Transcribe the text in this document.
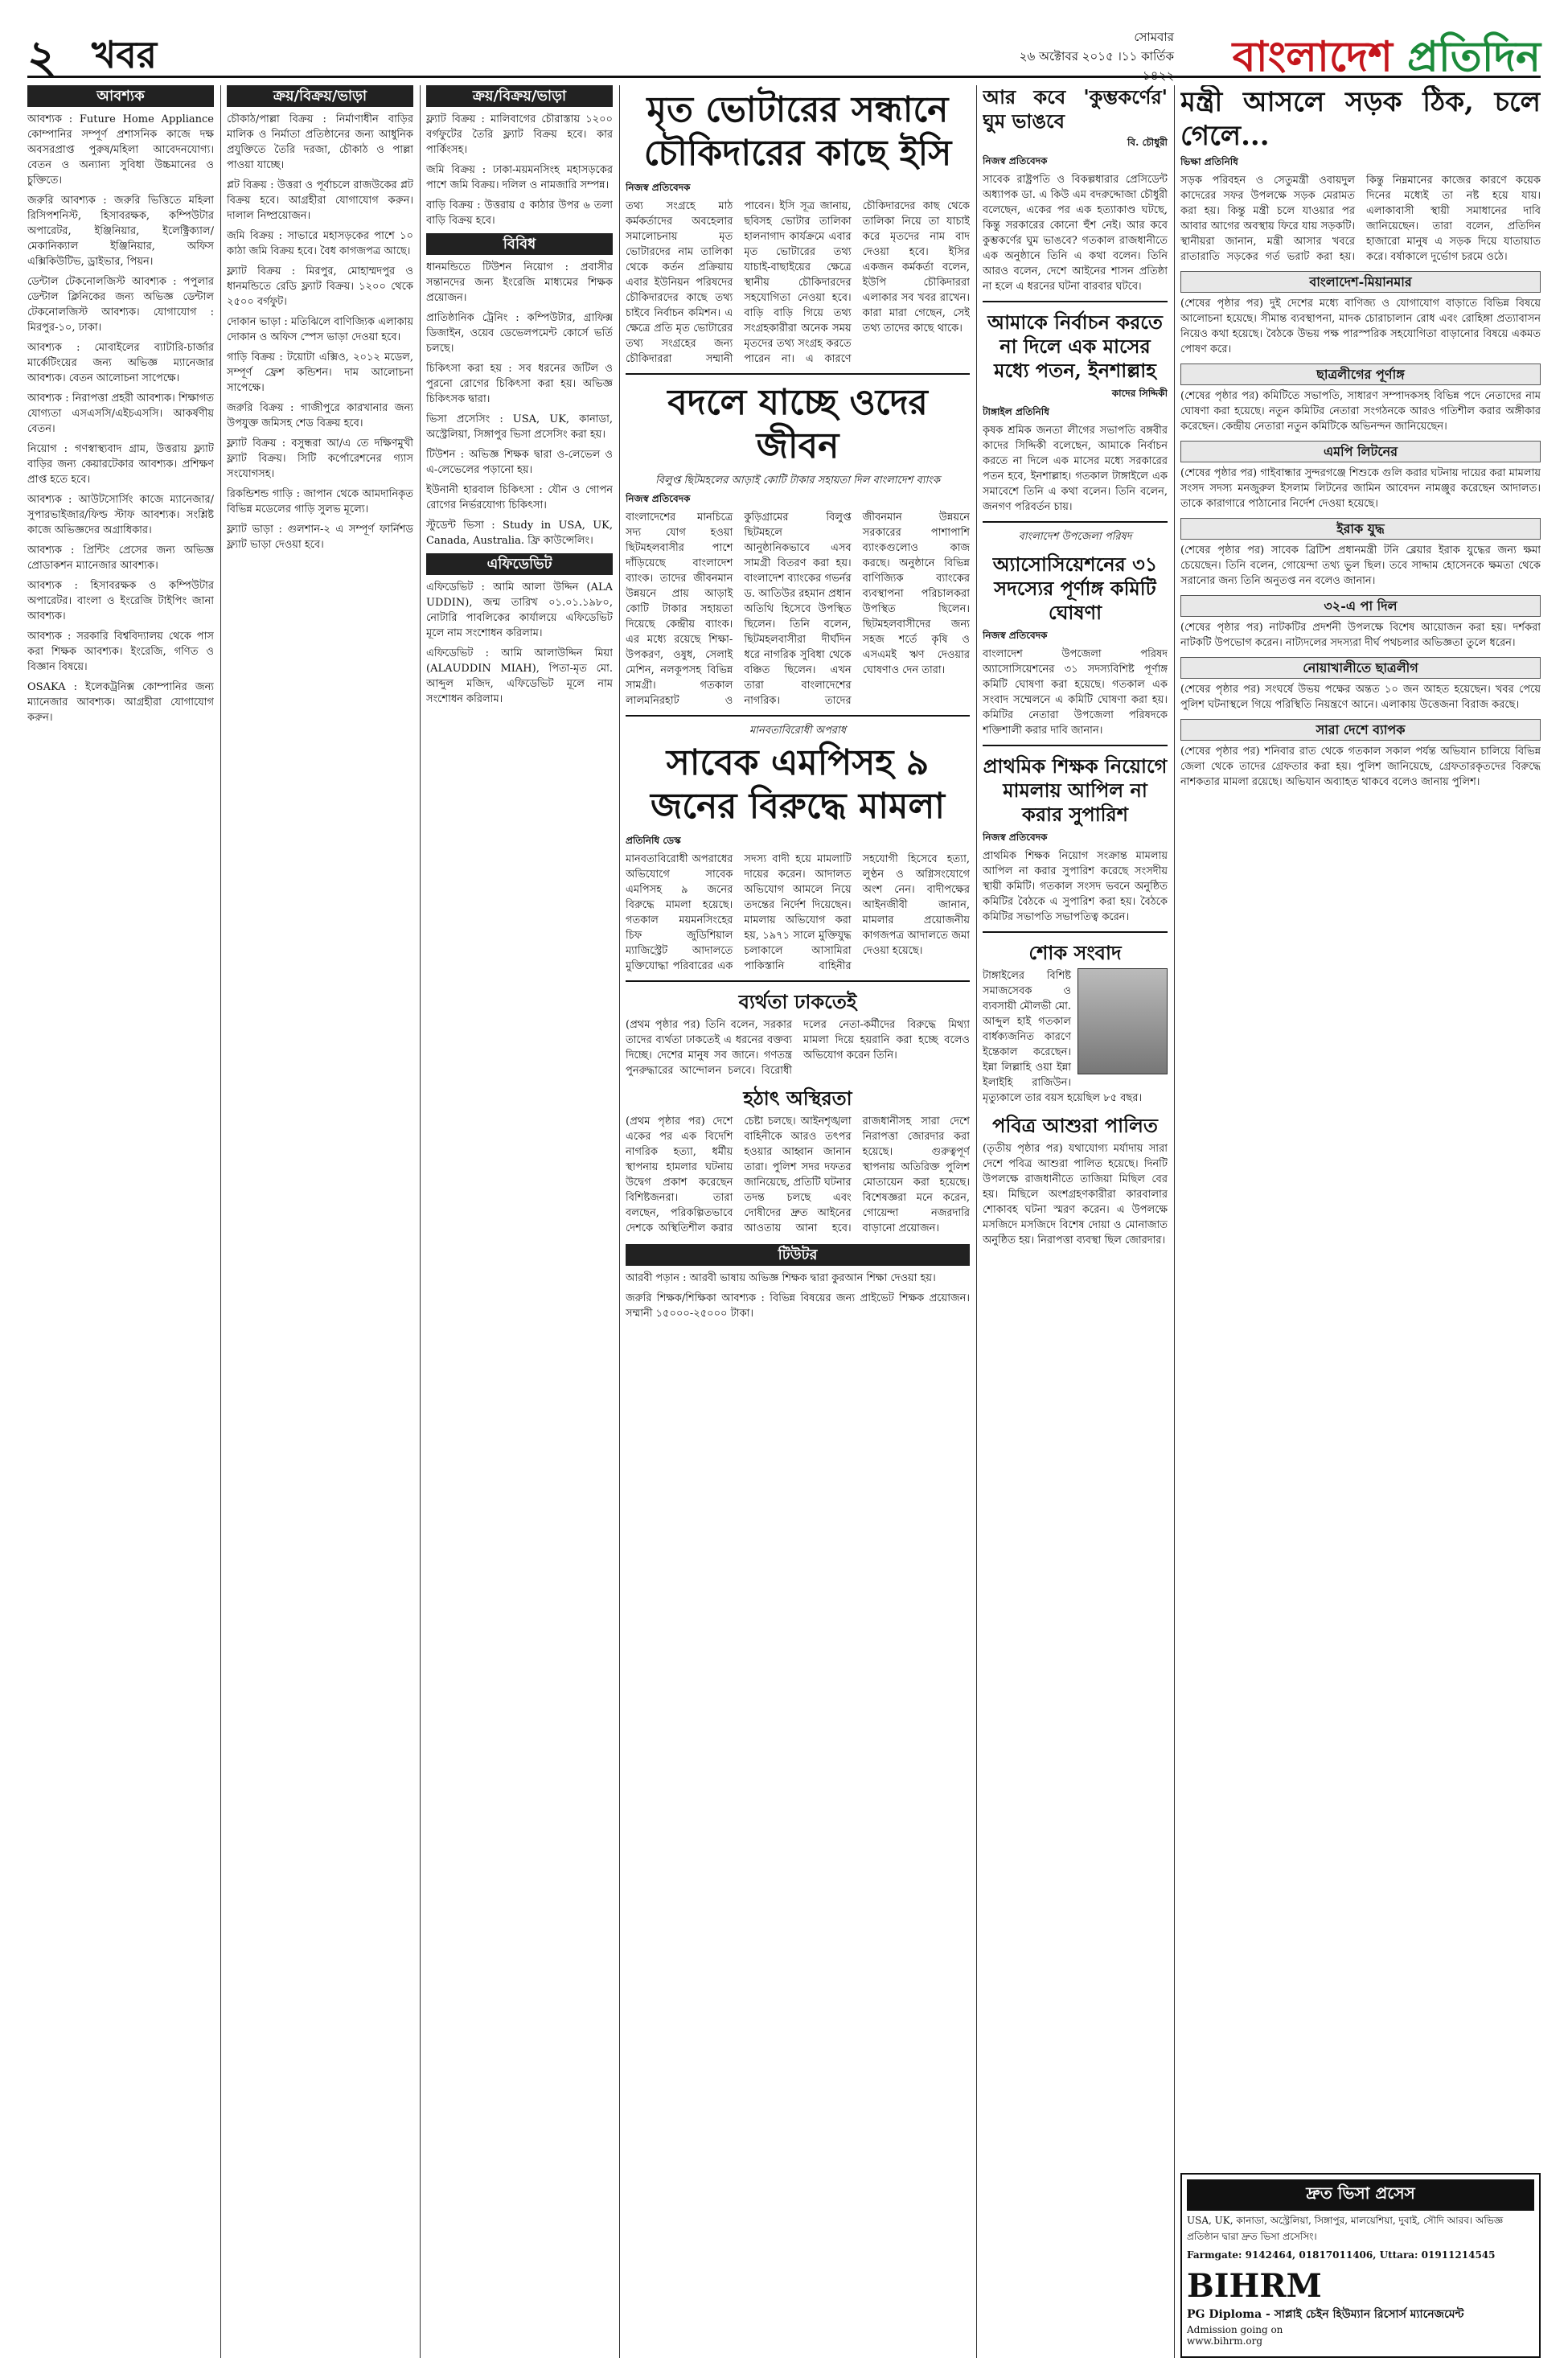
২ খবর	সোমবার
২৬ অক্টোবর ২০১৫ ।১১ কার্তিক ১৪২২ বাংলাদেশ প্রতিদিন
আবশ্যক

আবশ্যক : Future Home Appliance কোম্পানির সম্পূর্ণ প্রশাসনিক কাজে দক্ষ অবসরপ্রাপ্ত পুরুষ/মহিলা আবেদনযোগ্য। বেতন ও অন্যান্য সুবিধা উচ্চমানের ও চুক্তিতে।

জরুরি আবশ্যক : জরুরি ভিত্তিতে মহিলা রিসিপশনিস্ট, হিসাবরক্ষক, কম্পিউটার অপারেটর, ইঞ্জিনিয়ার, ইলেক্ট্রিক্যাল/মেকানিক্যাল ইঞ্জিনিয়ার, অফিস এক্সিকিউটিভ, ড্রাইভার, পিয়ন।

ডেন্টাল টেকনোলজিস্ট আবশ্যক : পপুলার ডেন্টাল ক্লিনিকের জন্য অভিজ্ঞ ডেন্টাল টেকনোলজিস্ট আবশ্যক। যোগাযোগ : মিরপুর-১০, ঢাকা।

আবশ্যক : মোবাইলের ব্যাটারি-চার্জার মার্কেটিংয়ের জন্য অভিজ্ঞ ম্যানেজার আবশ্যক। বেতন আলোচনা সাপেক্ষে।

আবশ্যক : নিরাপত্তা প্রহরী আবশ্যক। শিক্ষাগত যোগ্যতা এসএসসি/এইচএসসি। আকর্ষণীয় বেতন।

নিয়োগ : গণস্বাস্থ্যবাদ গ্রাম, উত্তরায় ফ্ল্যাট বাড়ির জন্য কেয়ারটেকার আবশ্যক। প্রশিক্ষণ প্রাপ্ত হতে হবে।

আবশ্যক : আউটসোর্সিং কাজে ম্যানেজার/সুপারভাইজার/ফিল্ড স্টাফ আবশ্যক। সংশ্লিষ্ট কাজে অভিজ্ঞদের অগ্রাধিকার।

আবশ্যক : প্রিন্টিং প্রেসের জন্য অভিজ্ঞ প্রোডাকশন ম্যানেজার আবশ্যক।

আবশ্যক : হিসাবরক্ষক ও কম্পিউটার অপারেটর। বাংলা ও ইংরেজি টাইপিং জানা আবশ্যক।

আবশ্যক : সরকারি বিশ্ববিদ্যালয় থেকে পাস করা শিক্ষক আবশ্যক। ইংরেজি, গণিত ও বিজ্ঞান বিষয়ে।

OSAKA : ইলেকট্রনিক্স কোম্পানির জন্য ম্যানেজার আবশ্যক। আগ্রহীরা যোগাযোগ করুন।

ক্রয়/বিক্রয়/ভাড়া

চৌকাঠ/পাল্লা বিক্রয় : নির্মাণাধীন বাড়ির মালিক ও নির্মাতা প্রতিষ্ঠানের জন্য আধুনিক প্রযুক্তিতে তৈরি দরজা, চৌকাঠ ও পাল্লা পাওয়া যাচ্ছে।

প্লট বিক্রয় : উত্তরা ও পূর্বাচলে রাজউকের প্লট বিক্রয় হবে। আগ্রহীরা যোগাযোগ করুন। দালাল নিষ্প্রয়োজন।

জমি বিক্রয় : সাভারে মহাসড়কের পাশে ১০ কাঠা জমি বিক্রয় হবে। বৈধ কাগজপত্র আছে।

ফ্ল্যাট বিক্রয় : মিরপুর, মোহাম্মদপুর ও ধানমন্ডিতে রেডি ফ্ল্যাট বিক্রয়। ১২০০ থেকে ২৫০০ বর্গফুট।

দোকান ভাড়া : মতিঝিলে বাণিজ্যিক এলাকায় দোকান ও অফিস স্পেস ভাড়া দেওয়া হবে।

গাড়ি বিক্রয় : টয়োটা এক্সিও, ২০১২ মডেল, সম্পূর্ণ ফ্রেশ কন্ডিশন। দাম আলোচনা সাপেক্ষে।

জরুরি বিক্রয় : গাজীপুরে কারখানার জন্য উপযুক্ত জমিসহ শেড বিক্রয় হবে।

ফ্ল্যাট বিক্রয় : বসুন্ধরা আ/এ তে দক্ষিণমুখী ফ্ল্যাট বিক্রয়। সিটি কর্পোরেশনের গ্যাস সংযোগসহ।

রিকন্ডিশন্ড গাড়ি : জাপান থেকে আমদানিকৃত বিভিন্ন মডেলের গাড়ি সুলভ মূল্যে।

ফ্ল্যাট ভাড়া : গুলশান-২ এ সম্পূর্ণ ফার্নিশড ফ্ল্যাট ভাড়া দেওয়া হবে।

ক্রয়/বিক্রয়/ভাড়া

ফ্ল্যাট বিক্রয় : মালিবাগের চৌরাস্তায় ১২০০ বর্গফুটের তৈরি ফ্ল্যাট বিক্রয় হবে। কার পার্কিংসহ।

জমি বিক্রয় : ঢাকা-ময়মনসিংহ মহাসড়কের পাশে জমি বিক্রয়। দলিল ও নামজারি সম্পন্ন।

বাড়ি বিক্রয় : উত্তরায় ৫ কাঠার উপর ৬ তলা বাড়ি বিক্রয় হবে।

বিবিধ

ধানমন্ডিতে টিউশন নিয়োগ : প্রবাসীর সন্তানদের জন্য ইংরেজি মাধ্যমের শিক্ষক প্রয়োজন।

প্রাতিষ্ঠানিক ট্রেনিং : কম্পিউটার, গ্রাফিক্স ডিজাইন, ওয়েব ডেভেলপমেন্ট কোর্সে ভর্তি চলছে।

চিকিৎসা করা হয় : সব ধরনের জটিল ও পুরনো রোগের চিকিৎসা করা হয়। অভিজ্ঞ চিকিৎসক দ্বারা।

ভিসা প্রসেসিং : USA, UK, কানাডা, অস্ট্রেলিয়া, সিঙ্গাপুর ভিসা প্রসেসিং করা হয়।

টিউশন : অভিজ্ঞ শিক্ষক দ্বারা ও-লেভেল ও এ-লেভেলের পড়ানো হয়।

ইউনানী হারবাল চিকিৎসা : যৌন ও গোপন রোগের নির্ভরযোগ্য চিকিৎসা।

স্টুডেন্ট ভিসা : Study in USA, UK, Canada, Australia. ফ্রি কাউন্সেলিং।

এফিডেভিট

এফিডেভিট : আমি আলা উদ্দিন (ALA UDDIN), জন্ম তারিখ ০১.০১.১৯৮০, নোটারি পাবলিকের কার্যালয়ে এফিডেভিট মূলে নাম সংশোধন করিলাম।

এফিডেভিট : আমি আলাউদ্দিন মিয়া (ALAUDDIN MIAH), পিতা-মৃত মো. আব্দুল মজিদ, এফিডেভিট মূলে নাম সংশোধন করিলাম।

মৃত ভোটারের সন্ধানে চৌকিদারের কাছে ইসি
নিজস্ব প্রতিবেদক
তথ্য সংগ্রহে মাঠ কর্মকর্তাদের অবহেলার সমালোচনায় মৃত ভোটারদের নাম তালিকা থেকে কর্তন প্রক্রিয়ায় এবার ইউনিয়ন পরিষদের চৌকিদারদের কাছে তথ্য চাইবে নির্বাচন কমিশন। এ ক্ষেত্রে প্রতি মৃত ভোটারের তথ্য সংগ্রহের জন্য চৌকিদাররা সম্মানী পাবেন। ইসি সূত্র জানায়, ছবিসহ ভোটার তালিকা হালনাগাদ কার্যক্রমে এবার মৃত ভোটারের তথ্য যাচাই-বাছাইয়ের ক্ষেত্রে স্থানীয় চৌকিদারদের সহযোগিতা নেওয়া হবে। বাড়ি বাড়ি গিয়ে তথ্য সংগ্রহকারীরা অনেক সময় মৃতদের তথ্য সংগ্রহ করতে পারেন না। এ কারণে চৌকিদারদের কাছ থেকে তালিকা নিয়ে তা যাচাই করে মৃতদের নাম বাদ দেওয়া হবে। ইসির একজন কর্মকর্তা বলেন, ইউপি চৌকিদাররা এলাকার সব খবর রাখেন। কারা মারা গেছেন, সেই তথ্য তাদের কাছে থাকে।
বদলে যাচ্ছে ওদের জীবন
বিলুপ্ত ছিটমহলের আড়াই কোটি টাকার সহায়তা দিল বাংলাদেশ ব্যাংক
নিজস্ব প্রতিবেদক
বাংলাদেশের মানচিত্রে সদ্য যোগ হওয়া ছিটমহলবাসীর পাশে দাঁড়িয়েছে বাংলাদেশ ব্যাংক। তাদের জীবনমান উন্নয়নে প্রায় আড়াই কোটি টাকার সহায়তা দিয়েছে কেন্দ্রীয় ব্যাংক। এর মধ্যে রয়েছে শিক্ষা-উপকরণ, ওষুধ, সেলাই মেশিন, নলকূপসহ বিভিন্ন সামগ্রী। গতকাল লালমনিরহাট ও কুড়িগ্রামের বিলুপ্ত ছিটমহলে আনুষ্ঠানিকভাবে এসব সামগ্রী বিতরণ করা হয়। বাংলাদেশ ব্যাংকের গভর্নর ড. আতিউর রহমান প্রধান অতিথি হিসেবে উপস্থিত ছিলেন। তিনি বলেন, ছিটমহলবাসীরা দীর্ঘদিন ধরে নাগরিক সুবিধা থেকে বঞ্চিত ছিলেন। এখন তারা বাংলাদেশের নাগরিক। তাদের জীবনমান উন্নয়নে সরকারের পাশাপাশি ব্যাংকগুলোও কাজ করছে। অনুষ্ঠানে বিভিন্ন বাণিজ্যিক ব্যাংকের ব্যবস্থাপনা পরিচালকরা উপস্থিত ছিলেন। ছিটমহলবাসীদের জন্য সহজ শর্তে কৃষি ও এসএমই ঋণ দেওয়ার ঘোষণাও দেন তারা।
মানবতাবিরোধী অপরাধ
সাবেক এমপিসহ ৯ জনের বিরুদ্ধে মামলা
প্রতিনিধি ডেস্ক
মানবতাবিরোধী অপরাধের অভিযোগে সাবেক এমপিসহ ৯ জনের বিরুদ্ধে মামলা হয়েছে। গতকাল ময়মনসিংহের চিফ জুডিশিয়াল ম্যাজিস্ট্রেট আদালতে মুক্তিযোদ্ধা পরিবারের এক সদস্য বাদী হয়ে মামলাটি দায়ের করেন। আদালত অভিযোগ আমলে নিয়ে তদন্তের নির্দেশ দিয়েছেন। মামলায় অভিযোগ করা হয়, ১৯৭১ সালে মুক্তিযুদ্ধ চলাকালে আসামিরা পাকিস্তানি বাহিনীর সহযোগী হিসেবে হত্যা, লুণ্ঠন ও অগ্নিসংযোগে অংশ নেন। বাদীপক্ষের আইনজীবী জানান, মামলার প্রয়োজনীয় কাগজপত্র আদালতে জমা দেওয়া হয়েছে।
ব্যর্থতা ঢাকতেই
(প্রথম পৃষ্ঠার পর) তিনি বলেন, সরকার তাদের ব্যর্থতা ঢাকতেই এ ধরনের বক্তব্য দিচ্ছে। দেশের মানুষ সব জানে। গণতন্ত্র পুনরুদ্ধারের আন্দোলন চলবে। বিরোধী দলের নেতা-কর্মীদের বিরুদ্ধে মিথ্যা মামলা দিয়ে হয়রানি করা হচ্ছে বলেও অভিযোগ করেন তিনি।
হঠাৎ অস্থিরতা
(প্রথম পৃষ্ঠার পর) দেশে একের পর এক বিদেশি নাগরিক হত্যা, ধর্মীয় স্থাপনায় হামলার ঘটনায় উদ্বেগ প্রকাশ করেছেন বিশিষ্টজনরা। তারা বলছেন, পরিকল্পিতভাবে দেশকে অস্থিতিশীল করার চেষ্টা চলছে। আইনশৃঙ্খলা বাহিনীকে আরও তৎপর হওয়ার আহ্বান জানান তারা। পুলিশ সদর দফতর জানিয়েছে, প্রতিটি ঘটনার তদন্ত চলছে এবং দোষীদের দ্রুত আইনের আওতায় আনা হবে। রাজধানীসহ সারা দেশে নিরাপত্তা জোরদার করা হয়েছে। গুরুত্বপূর্ণ স্থাপনায় অতিরিক্ত পুলিশ মোতায়েন করা হয়েছে। বিশেষজ্ঞরা মনে করেন, গোয়েন্দা নজরদারি বাড়ানো প্রয়োজন।
টিউটর

আরবী পড়ান : আরবী ভাষায় অভিজ্ঞ শিক্ষক দ্বারা কুরআন শিক্ষা দেওয়া হয়।

জরুরি শিক্ষক/শিক্ষিকা আবশ্যক : বিভিন্ন বিষয়ের জন্য প্রাইভেট শিক্ষক প্রয়োজন। সম্মানী ১৫০০০-২৫০০০ টাকা।

আর কবে 'কুম্ভকর্ণের' ঘুম ভাঙবে
বি. চৌধুরী
নিজস্ব প্রতিবেদক
সাবেক রাষ্ট্রপতি ও বিকল্পধারার প্রেসিডেন্ট অধ্যাপক ডা. এ কিউ এম বদরুদ্দোজা চৌধুরী বলেছেন, একের পর এক হত্যাকাণ্ড ঘটছে, কিন্তু সরকারের কোনো হুঁশ নেই। আর কবে কুম্ভকর্ণের ঘুম ভাঙবে? গতকাল রাজধানীতে এক অনুষ্ঠানে তিনি এ কথা বলেন। তিনি আরও বলেন, দেশে আইনের শাসন প্রতিষ্ঠা না হলে এ ধরনের ঘটনা বারবার ঘটবে।
আমাকে নির্বাচন করতে না দিলে এক মাসের মধ্যে পতন, ইনশাল্লাহ
কাদের সিদ্দিকী
টাঙ্গাইল প্রতিনিধি
কৃষক শ্রমিক জনতা লীগের সভাপতি বঙ্গবীর কাদের সিদ্দিকী বলেছেন, আমাকে নির্বাচন করতে না দিলে এক মাসের মধ্যে সরকারের পতন হবে, ইনশাল্লাহ। গতকাল টাঙ্গাইলে এক সমাবেশে তিনি এ কথা বলেন। তিনি বলেন, জনগণ পরিবর্তন চায়।
বাংলাদেশ উপজেলা পরিষদ
অ্যাসোসিয়েশনের ৩১ সদস্যের পূর্ণাঙ্গ কমিটি ঘোষণা
নিজস্ব প্রতিবেদক
বাংলাদেশ উপজেলা পরিষদ অ্যাসোসিয়েশনের ৩১ সদস্যবিশিষ্ট পূর্ণাঙ্গ কমিটি ঘোষণা করা হয়েছে। গতকাল এক সংবাদ সম্মেলনে এ কমিটি ঘোষণা করা হয়। কমিটির নেতারা উপজেলা পরিষদকে শক্তিশালী করার দাবি জানান।
প্রাথমিক শিক্ষক নিয়োগে মামলায় আপিল না করার সুপারিশ
নিজস্ব প্রতিবেদক
প্রাথমিক শিক্ষক নিয়োগ সংক্রান্ত মামলায় আপিল না করার সুপারিশ করেছে সংসদীয় স্থায়ী কমিটি। গতকাল সংসদ ভবনে অনুষ্ঠিত কমিটির বৈঠকে এ সুপারিশ করা হয়। বৈঠকে কমিটির সভাপতি সভাপতিত্ব করেন।
শোক সংবাদ
টাঙ্গাইলের বিশিষ্ট সমাজসেবক ও ব্যবসায়ী মৌলভী মো. আব্দুল হাই গতকাল বার্ধক্যজনিত কারণে ইন্তেকাল করেছেন। ইন্না লিল্লাহি ওয়া ইন্না ইলাইহি রাজিউন। মৃত্যুকালে তার বয়স হয়েছিল ৮৫ বছর।
পবিত্র আশুরা পালিত
(তৃতীয় পৃষ্ঠার পর) যথাযোগ্য মর্যাদায় সারা দেশে পবিত্র আশুরা পালিত হয়েছে। দিনটি উপলক্ষে রাজধানীতে তাজিয়া মিছিল বের হয়। মিছিলে অংশগ্রহণকারীরা কারবালার শোকাবহ ঘটনা স্মরণ করেন। এ উপলক্ষে মসজিদে মসজিদে বিশেষ দোয়া ও মোনাজাত অনুষ্ঠিত হয়। নিরাপত্তা ব্যবস্থা ছিল জোরদার।
মন্ত্রী আসলে সড়ক ঠিক, চলে গেলে...
ভিক্ষা প্রতিনিধি
সড়ক পরিবহন ও সেতুমন্ত্রী ওবায়দুল কাদেরের সফর উপলক্ষে সড়ক মেরামত করা হয়। কিন্তু মন্ত্রী চলে যাওয়ার পর আবার আগের অবস্থায় ফিরে যায় সড়কটি। স্থানীয়রা জানান, মন্ত্রী আসার খবরে রাতারাতি সড়কের গর্ত ভরাট করা হয়। কিন্তু নিম্নমানের কাজের কারণে কয়েক দিনের মধ্যেই তা নষ্ট হয়ে যায়। এলাকাবাসী স্থায়ী সমাধানের দাবি জানিয়েছেন। তারা বলেন, প্রতিদিন হাজারো মানুষ এ সড়ক দিয়ে যাতায়াত করে। বর্ষাকালে দুর্ভোগ চরমে ওঠে।
বাংলাদেশ-মিয়ানমার
(শেষের পৃষ্ঠার পর) দুই দেশের মধ্যে বাণিজ্য ও যোগাযোগ বাড়াতে বিভিন্ন বিষয়ে আলোচনা হয়েছে। সীমান্ত ব্যবস্থাপনা, মাদক চোরাচালান রোধ এবং রোহিঙ্গা প্রত্যাবাসন নিয়েও কথা হয়েছে। বৈঠকে উভয় পক্ষ পারস্পরিক সহযোগিতা বাড়ানোর বিষয়ে একমত পোষণ করে।
ছাত্রলীগের পূর্ণাঙ্গ
(শেষের পৃষ্ঠার পর) কমিটিতে সভাপতি, সাধারণ সম্পাদকসহ বিভিন্ন পদে নেতাদের নাম ঘোষণা করা হয়েছে। নতুন কমিটির নেতারা সংগঠনকে আরও গতিশীল করার অঙ্গীকার করেছেন। কেন্দ্রীয় নেতারা নতুন কমিটিকে অভিনন্দন জানিয়েছেন।
এমপি লিটনের
(শেষের পৃষ্ঠার পর) গাইবান্ধার সুন্দরগঞ্জে শিশুকে গুলি করার ঘটনায় দায়ের করা মামলায় সংসদ সদস্য মনজুরুল ইসলাম লিটনের জামিন আবেদন নামঞ্জুর করেছেন আদালত। তাকে কারাগারে পাঠানোর নির্দেশ দেওয়া হয়েছে।
ইরাক যুদ্ধ
(শেষের পৃষ্ঠার পর) সাবেক ব্রিটিশ প্রধানমন্ত্রী টনি ব্লেয়ার ইরাক যুদ্ধের জন্য ক্ষমা চেয়েছেন। তিনি বলেন, গোয়েন্দা তথ্য ভুল ছিল। তবে সাদ্দাম হোসেনকে ক্ষমতা থেকে সরানোর জন্য তিনি অনুতপ্ত নন বলেও জানান।
৩২-এ পা দিল
(শেষের পৃষ্ঠার পর) নাটকটির প্রদর্শনী উপলক্ষে বিশেষ আয়োজন করা হয়। দর্শকরা নাটকটি উপভোগ করেন। নাট্যদলের সদস্যরা দীর্ঘ পথচলার অভিজ্ঞতা তুলে ধরেন।
নোয়াখালীতে ছাত্রলীগ
(শেষের পৃষ্ঠার পর) সংঘর্ষে উভয় পক্ষের অন্তত ১০ জন আহত হয়েছেন। খবর পেয়ে পুলিশ ঘটনাস্থলে গিয়ে পরিস্থিতি নিয়ন্ত্রণে আনে। এলাকায় উত্তেজনা বিরাজ করছে।
সারা দেশে ব্যাপক
(শেষের পৃষ্ঠার পর) শনিবার রাত থেকে গতকাল সকাল পর্যন্ত অভিযান চালিয়ে বিভিন্ন জেলা থেকে তাদের গ্রেফতার করা হয়। পুলিশ জানিয়েছে, গ্রেফতারকৃতদের বিরুদ্ধে নাশকতার মামলা রয়েছে। অভিযান অব্যাহত থাকবে বলেও জানায় পুলিশ।
দ্রুত ভিসা প্রসেস
USA, UK, কানাডা, অস্ট্রেলিয়া, সিঙ্গাপুর, মালয়েশিয়া, দুবাই, সৌদি আরব। অভিজ্ঞ প্রতিষ্ঠান দ্বারা দ্রুত ভিসা প্রসেসিং।
Farmgate: 9142464, 01817011406, Uttara: 01911214545
BIHRM
PG Diploma - সাপ্লাই চেইন হিউম্যান রিসোর্স ম্যানেজমেন্ট
Admission going on
www.bihrm.org
